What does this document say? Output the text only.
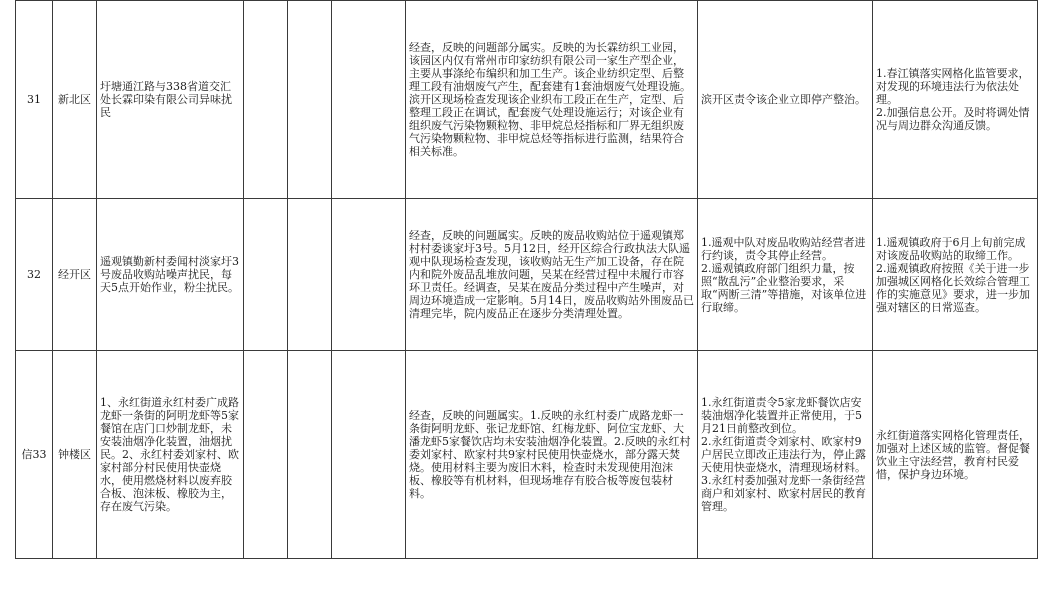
31	新北区	圩塘通江路与338省道交汇处长霖印染有限公司异味扰民				经查，反映的问题部分属实。反映的为长霖纺织工业园，该园区内仅有常州市印家纺织有限公司一家生产型企业，主要从事涤纶布编织和加工生产。该企业纺织定型、后整理工段有油烟废气产生，配套建有1套油烟废气处理设施。滨开区现场检查发现该企业织布工段正在生产，定型、后整理工段正在调试，配套废气处理设施运行；对该企业有组织废气污染物颗粒物、非甲烷总烃指标和厂界无组织废气污染物颗粒物、非甲烷总烃等指标进行监测，结果符合相关标准。	滨开区责令该企业立即停产整治。	1.春江镇落实网格化监管要求，对发现的环境违法行为依法处理。
2.加强信息公开。及时将调处情况与周边群众沟通反馈。

32	经开区	遥观镇勤新村委闻村淡家圩3号废品收购站噪声扰民，每天5点开始作业，粉尘扰民。				经查，反映的问题属实。反映的废品收购站位于遥观镇郑村村委谈家圩3号。5月12日，经开区综合行政执法大队遥观中队现场检查发现，该收购站无生产加工设备，存在院内和院外废品乱堆放问题，吴某在经营过程中未履行市容环卫责任。经调查，吴某在废品分类过程中产生噪声，对周边环境造成一定影响。5月14日，废品收购站外围废品已清理完毕，院内废品正在逐步分类清理处置。	1.遥观中队对废品收购站经营者进行约谈，责令其停止经营。
2.遥观镇政府部门组织力量，按照“散乱污”企业整治要求，采取“两断三清”等措施，对该单位进行取缔。	1.遥观镇政府于6月上旬前完成对该废品收购站的取缔工作。
2.遥观镇政府按照《关于进一步加强城区网格化长效综合管理工作的实施意见》要求，进一步加强对辖区的日常巡查。

信33	钟楼区	1、永红街道永红村委广成路龙虾一条街的阿明龙虾等5家餐馆在店门口炒制龙虾，未安装油烟净化装置，油烟扰民。2、永红村委刘家村、欧家村部分村民使用快壶烧水，使用燃烧材料以废弃胶合板、泡沫板、橡胶为主，存在废气污染。				经查，反映的问题属实。1.反映的永红村委广成路龙虾一条街阿明龙虾、张记龙虾馆、红梅龙虾、阿位宝龙虾、大潘龙虾5家餐饮店均未安装油烟净化装置。2.反映的永红村委刘家村、欧家村共9家村民使用快壶烧水，部分露天焚烧。使用材料主要为废旧木料，检查时未发现使用泡沫板、橡胶等有机材料，但现场堆存有胶合板等废包装材料。	1.永红街道责令5家龙虾餐饮店安装油烟净化装置并正常使用，于5月21日前整改到位。
2.永红街道责令刘家村、欧家村9户居民立即改正违法行为，停止露天使用快壶烧水，清理现场材料。
3.永红村委加强对龙虾一条街经营商户和刘家村、欧家村居民的教育管理。	永红街道落实网格化管理责任，加强对上述区域的监管。督促餐饮业主守法经营，教育村民爱惜，保护身边环境。
